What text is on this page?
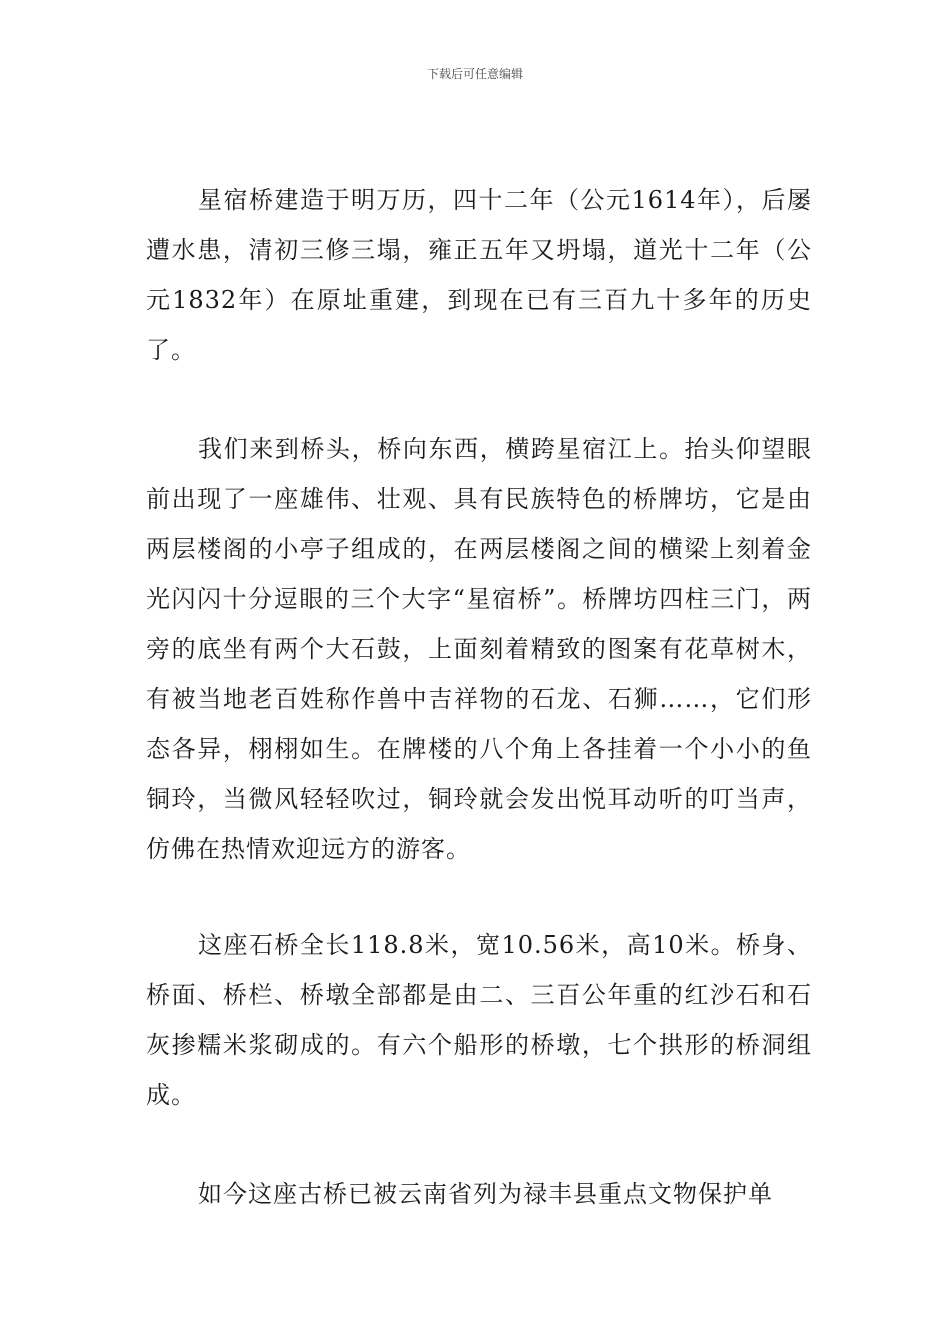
下载后可任意编辑

星宿桥建造于明万历，四十二年（公元1614年），后屡遭水患，清初三修三塌，雍正五年又坍塌，道光十二年（公元1832年）在原址重建，到现在已有三百九十多年的历史了。

我们来到桥头，桥向东西，横跨星宿江上。抬头仰望眼前出现了一座雄伟、壮观、具有民族特色的桥牌坊，它是由两层楼阁的小亭子组成的，在两层楼阁之间的横梁上刻着金光闪闪十分逗眼的三个大字“星宿桥”。桥牌坊四柱三门，两旁的底坐有两个大石鼓，上面刻着精致的图案有花草树木，有被当地老百姓称作兽中吉祥物的石龙、石狮……，它们形态各异，栩栩如生。在牌楼的八个角上各挂着一个小小的鱼铜玲，当微风轻轻吹过，铜玲就会发出悦耳动听的叮当声，仿佛在热情欢迎远方的游客。

这座石桥全长118.8米，宽10.56米，高10米。桥身、桥面、桥栏、桥墩全部都是由二、三百公年重的红沙石和石灰掺糯米浆砌成的。有六个船形的桥墩，七个拱形的桥洞组成。

如今这座古桥已被云南省列为禄丰县重点文物保护单
